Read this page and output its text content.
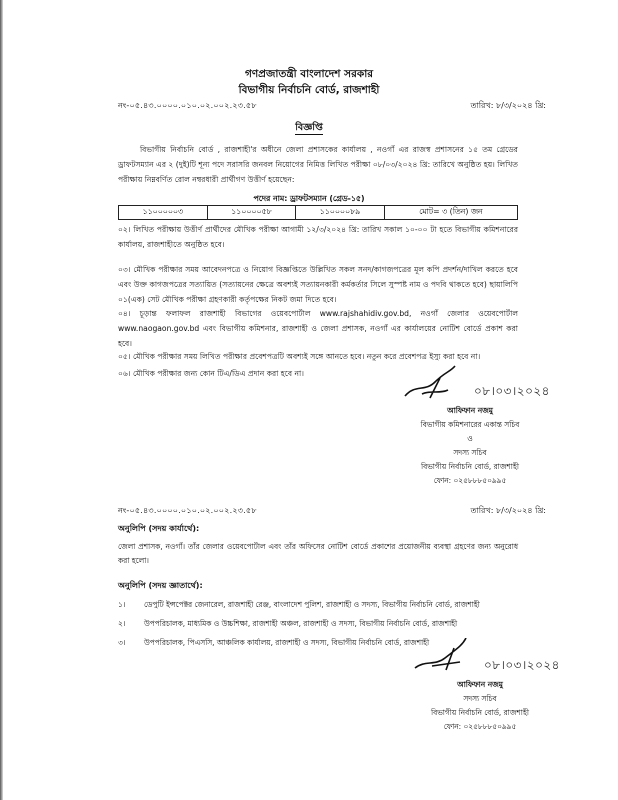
গণপ্রজাতন্ত্রী বাংলাদেশ সরকার
বিভাগীয় নির্বাচনি বোর্ড, রাজশাহী
নং-০৫.৪৩.০০০০.০১০.০২.০০২.২৩.৫৮	তারিখ: ৮/৩/২০২৪ খ্রি:
বিজ্ঞপ্তি
বিভাগীয় নির্বাচনি বোর্ড , রাজশাহী'র অধীনে জেলা প্রশাসকের কার্যালয় , নওগাঁ এর রাজস্ব প্রশাসনের ১৫ তম গ্রেডের ড্রাফটসম্যান এর ২ (দুই)টি শূন্য পদে সরাসরি জনবল নিয়োগের নিমিত্ত লিখিত পরীক্ষা ০৮/০৩/২০২৪ খ্রি: তারিখে অনুষ্ঠিত হয়। লিখিত পরীক্ষায় নিম্নবর্ণিত রোল নম্বরধারী প্রার্থীগণ উত্তীর্ণ হয়েছেন:
পদের নাম: ড্রাফটসম্যান (গ্রেড-১৫)
১১০০০০০৩	১১০০০০৫৮	১১০০০০৮৯	মোট= ৩ (তিন) জন
০২। লিখিত পরীক্ষায় উত্তীর্ণ প্রার্থীদের মৌখিক পরীক্ষা আগামী ১২/৩/২০২৪ খ্রি: তারিখ সকাল ১০-০০ টা হতে বিভাগীয় কমিশনারের কার্যালয়, রাজশাহীতে অনুষ্ঠিত হবে।
০৩। মৌখিক পরীক্ষার সময় আবেদনপত্রে ও নিয়োগ বিজ্ঞপ্তিতে উল্লিখিত সকল সনদ/কাগজপত্রের মূল কপি প্রদর্শন/দাখিল করতে হবে এবং উক্ত কাগজপত্রের সত্যায়িত (সত্যায়নের ক্ষেত্রে অবশ্যই সত্যায়নকারী কর্মকর্তার সিলে সুস্পষ্ট নাম ও পদবি থাকতে হবে) ছায়ালিপি ০১(এক) সেট মৌখিক পরীক্ষা গ্রহণকারী কর্তৃপক্ষের নিকট জমা দিতে হবে।
০৪। চূড়ান্ত ফলাফল রাজশাহী বিভাগের ওয়েবপোর্টাল www.rajshahidiv.gov.bd, নওগাঁ জেলার ওয়েবপোর্টাল www.naogaon.gov.bd এবং বিভাগীয় কমিশনার, রাজশাহী ও জেলা প্রশাসক, নওগাঁ এর কার্যালয়ের নোটিশ বোর্ডে প্রকাশ করা হবে।
০৫। মৌখিক পরীক্ষার সময় লিখিত পরীক্ষার প্রবেশপত্রটি অবশ্যই সঙ্গে আনতে হবে। নতুন করে প্রবেশপত্র ইস্যু করা হবে না।
০৬। মৌখিক পরীক্ষার জন্য কোন টিএ/ডিএ প্রদান করা হবে না।
০৮।০৩।২০২৪
আফিফান নজমু
বিভাগীয় কমিশনারের একান্ত সচিব
ও
সদস্য সচিব
বিভাগীয় নির্বাচনি বোর্ড, রাজশাহী
ফোন: ০২৫৮৮৮৫০৯৯৫
নং-০৫.৪৩.০০০০.০১০.০২.০০২.২৩.৫৮	তারিখ: ৮/৩/২০২৪ খ্রি:
অনুলিপি (সদয় কার্যার্থে):
জেলা প্রশাসক, নওগাঁ। তাঁর জেলার ওয়েবপোর্টাল এবং তাঁর অফিসের নোটিশ বোর্ডে প্রকাশের প্রয়োজনীয় ব্যবস্থা গ্রহণের জন্য অনুরোধ করা হলো।
অনুলিপি (সদয় জ্ঞাতার্থে):
১।	ডেপুটি ইন্সপেক্টর জেনারেল, রাজশাহী রেঞ্জ, বাংলাদেশ পুলিশ, রাজশাহী ও সদস্য, বিভাগীয় নির্বাচনি বোর্ড, রাজশাহী
২।	উপপরিচালক, মাধ্যমিক ও উচ্চশিক্ষা, রাজশাহী অঞ্চল, রাজশাহী ও সদস্য, বিভাগীয় নির্বাচনি বোর্ড, রাজশাহী
৩।	উপপরিচালক, পিএসসি, আঞ্চলিক কার্যালয়, রাজশাহী ও সদস্য, বিভাগীয় নির্বাচনি বোর্ড, রাজশাহী
০৮।০৩।২০২৪
আফিফান নজমু
সদস্য সচিব
বিভাগীয় নির্বাচনি বোর্ড, রাজশাহী
ফোন: ০২৫৮৮৮৫০৯৯৫
